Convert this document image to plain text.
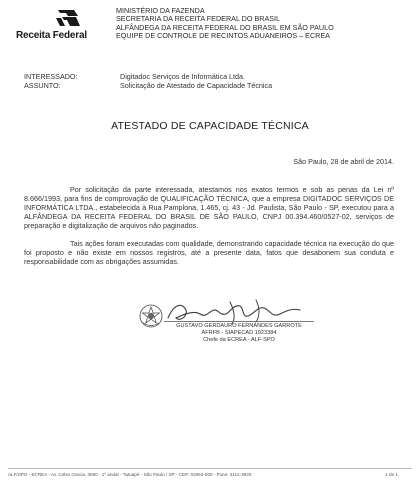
Receita Federal
MINISTÉRIO DA FAZENDA
SECRETARIA DA RECEITA FEDERAL DO BRASIL
ALFÂNDEGA DA RECEITA FEDERAL DO BRASIL EM SÃO PAULO
EQUIPE DE CONTROLE DE RECINTOS ADUANEIROS – ECREA
INTERESSADO:	Digitadoc Serviços de Informática Ltda.
ASSUNTO:	Solicitação de Atestado de Capacidade Técnica
ATESTADO DE CAPACIDADE TÉCNICA
São Paulo, 28 de abril de 2014.

Por solicitação da parte interessada, atestamos nos exatos termos e sob as penas da Lei nº 8.666/1993, para fins de comprovação de QUALIFICAÇÃO TÉCNICA, que a empresa DIGITADOC SERVIÇOS DE INFORMÁTICA LTDA., estabelecida à Rua Pamplona, 1.465, cj. 43 - Jd. Paulista, São Paulo - SP, executou para a ALFÂNDEGA DA RECEITA FEDERAL DO BRASIL DE SÃO PAULO, CNPJ 00.394.460/0527-02, serviços de preparação e digitalização de arquivos não paginados.

Tais ações foram executadas com qualidade, demonstrando capacidade técnica na execução do que foi proposto e não existe em nossos registros, até a presente data, fatos que desabonem sua conduta e responsabilidade com as obrigações assumidas.

GUSTAVO GERDAURO FERNANDES GARROTE
AFRFB - SIAPECAD 1923384
Chefe da ECREA - ALF-SPO
ALF/SPO - ECREA - Av. Celso Garcia, 3580 - 1º andar - Tatuapé - São Paulo / SP - CEP: 03064-000 - Fone: 2112-3920	1 de 1
